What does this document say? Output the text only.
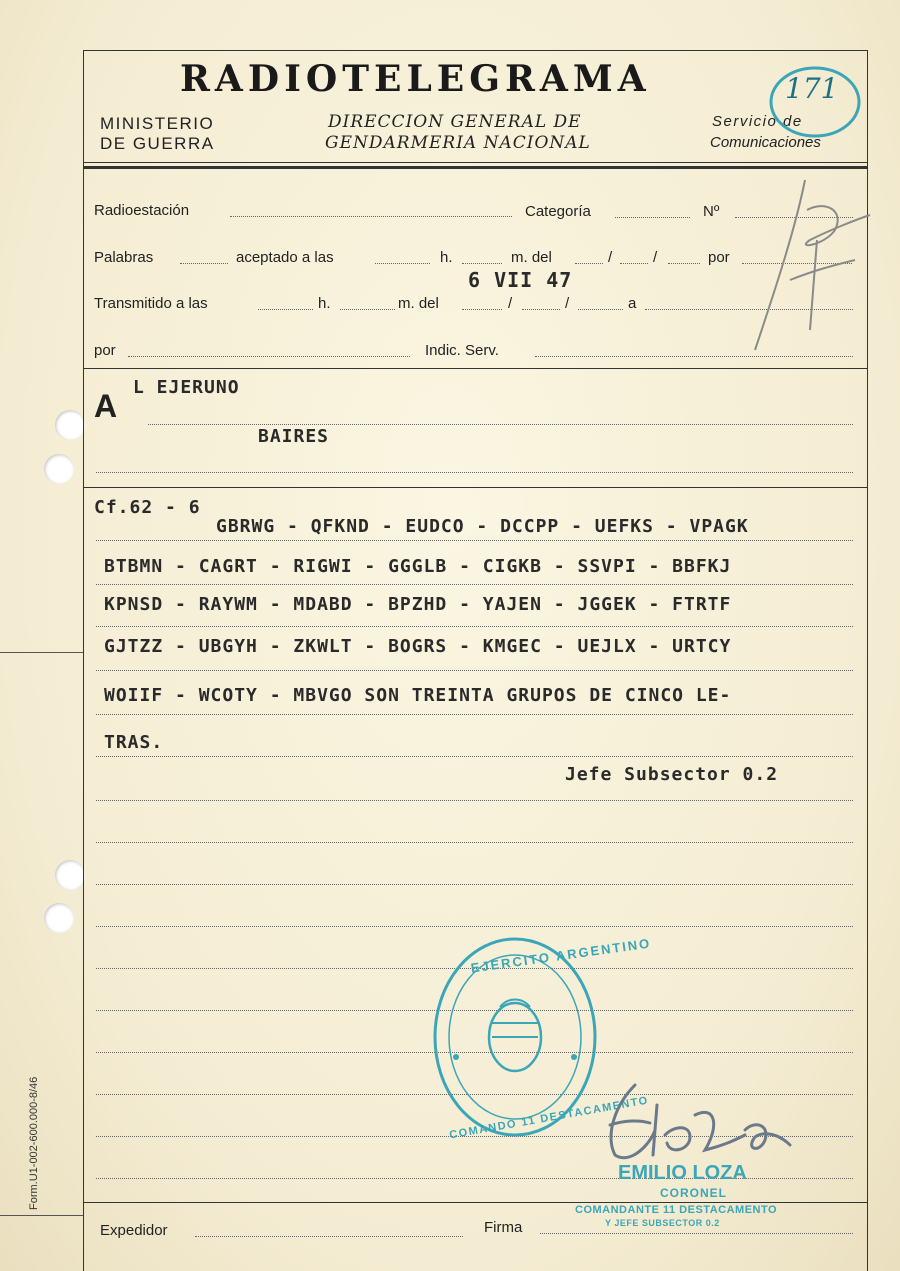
RADIOTELEGRAMA
MINISTERIO
DE GUERRA
DIRECCION GENERAL DE
GENDARMERIA NACIONAL
Servicio de
Comunicaciones
171
Radioestación	Categoría	Nº
Palabras	aceptado a las	h.	m. del	/	/	por
6 VII 47
Transmitido a las	h.	m. del	/	/	a
por	Indic. Serv.
A
L EJERUNO
BAIRES
Cf.62 - 6
GBRWG - QFKND - EUDCO - DCCPP - UEFKS - VPAGK
BTBMN - CAGRT - RIGWI - GGGLB - CIGKB - SSVPI - BBFKJ
KPNSD - RAYWM - MDABD - BPZHD - YAJEN - JGGEK - FTRTF
GJTZZ - UBGYH - ZKWLT - BOGRS - KMGEC - UEJLX - URTCY
WOIIF - WCOTY - MBVGO SON TREINTA GRUPOS DE CINCO LE-
TRAS.
Jefe Subsector 0.2
EJERCITO ARGENTINO
COMANDO 11 DESTACAMENTO
EMILIO LOZA
CORONEL
COMANDANTE 11 DESTACAMENTO
Y JEFE SUBSECTOR 0.2
Expedidor	Firma
Form.U1-002-600.000-8/46
